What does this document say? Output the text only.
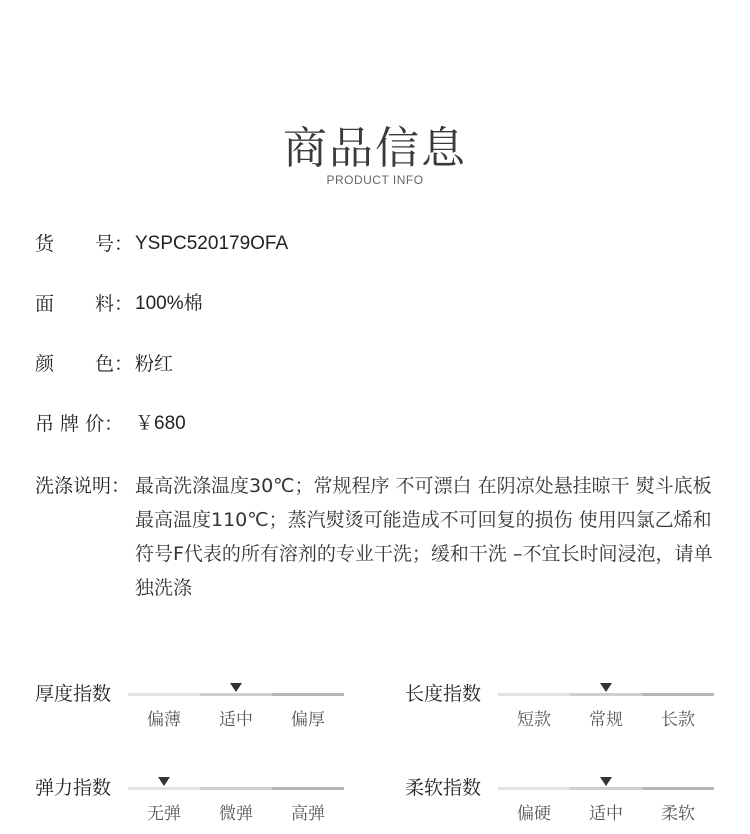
商品信息
PRODUCT INFO
货 号： YSPC520179OFA
面 料： 100%棉
颜 色： 粉红
吊 牌 价： ￥680
洗涤说明： 最高洗涤温度30℃；常规程序 不可漂白 在阴凉处悬挂晾干 熨斗底板最高温度110℃；蒸汽熨烫可能造成不可回复的损伤 使用四氯乙烯和符号F代表的所有溶剂的专业干洗；缓和干洗 –不宜长时间浸泡，请单独洗涤
厚度指数
偏薄	适中	偏厚
长度指数
短款	常规	长款
弹力指数
无弹	微弹	高弹
柔软指数
偏硬	适中	柔软
